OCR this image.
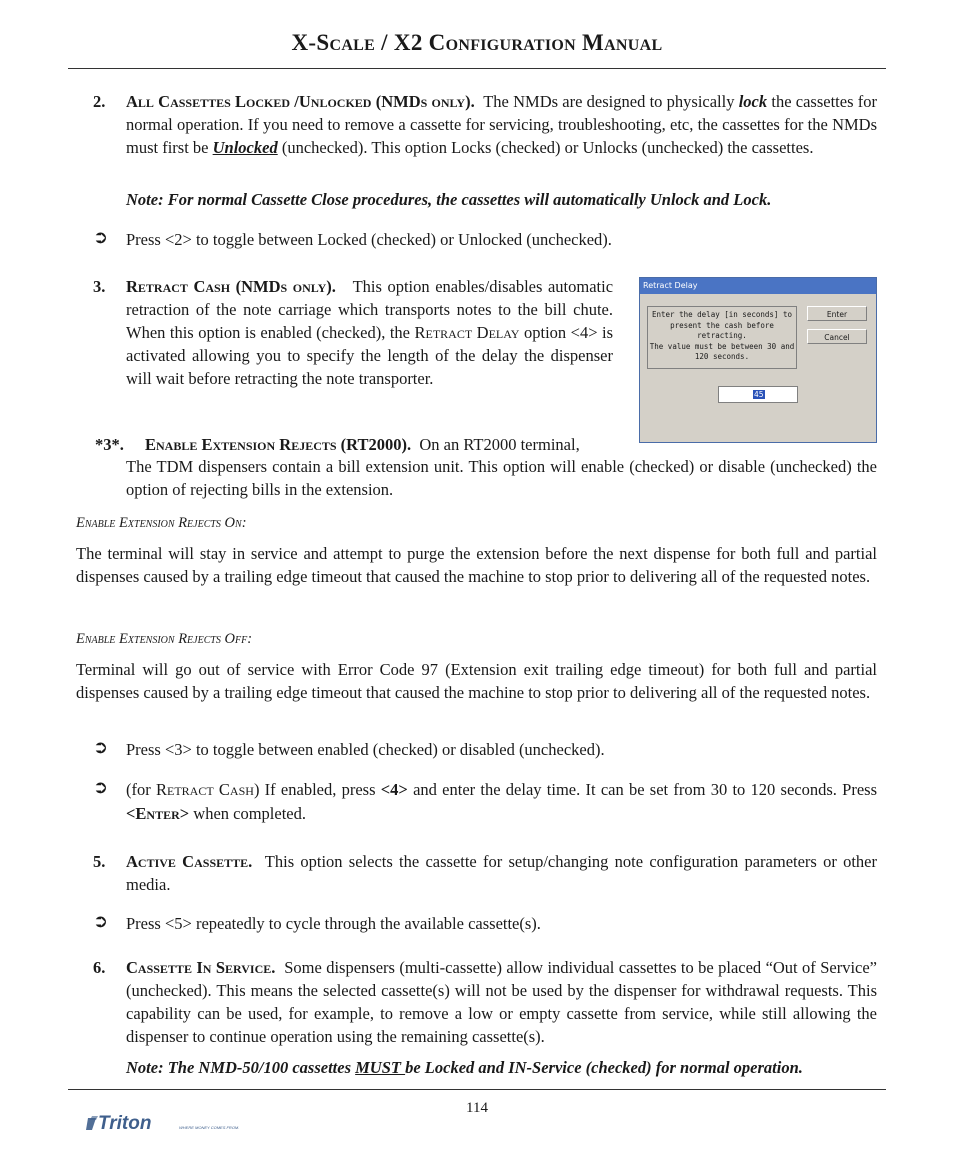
X-Scale / X2 Configuration Manual
2. All Cassettes Locked /Unlocked (NMDs only). The NMDs are designed to physically lock the cassettes for normal operation. If you need to remove a cassette for servicing, troubleshooting, etc, the cassettes for the NMDs must first be Unlocked (unchecked). This option Locks (checked) or Unlocks (unchecked) the cassettes.
Note: For normal Cassette Close procedures, the cassettes will automatically Unlock and Lock.
➲ Press <2> to toggle between Locked (checked) or Unlocked (unchecked).
3. Retract Cash (NMDs only). This option enables/disables automatic retraction of the note carriage which transports notes to the bill chute. When this option is enabled (checked), the Retract Delay option <4> is activated allowing you to specify the length of the delay the dispenser will wait before retracting the note transporter.
Retract Delay
Enter the delay [in seconds] to
present the cash before retracting.
The value must be between 30 and
120 seconds.
Enter
Cancel
45
*3*. Enable Extension Rejects (RT2000). On an RT2000 terminal,
The TDM dispensers contain a bill extension unit. This option will enable (checked) or disable (unchecked) the option of rejecting bills in the extension.
Enable Extension Rejects On:
The terminal will stay in service and attempt to purge the extension before the next dispense for both full and partial dispenses caused by a trailing edge timeout that caused the machine to stop prior to delivering all of the requested notes.
Enable Extension Rejects Off:
Terminal will go out of service with Error Code 97 (Extension exit trailing edge timeout) for both full and partial dispenses caused by a trailing edge timeout that caused the machine to stop prior to delivering all of the requested notes.
➲ Press <3> to toggle between enabled (checked) or disabled (unchecked).
➲ (for Retract Cash) If enabled, press <4> and enter the delay time. It can be set from 30 to 120 seconds. Press <Enter> when completed.
5. Active Cassette. This option selects the cassette for setup/changing note configuration parameters or other media.
➲ Press <5> repeatedly to cycle through the available cassette(s).
6. Cassette In Service. Some dispensers (multi-cassette) allow individual cassettes to be placed “Out of Service” (unchecked). This means the selected cassette(s) will not be used by the dispenser for withdrawal requests. This capability can be used, for example, to remove a low or empty cassette from service, while still allowing the dispenser to continue operation using the remaining cassette(s).
Note: The NMD-50/100 cassettes MUST be Locked and IN-Service (checked) for normal operation.
114
Triton	WHERE MONEY COMES FROM.
